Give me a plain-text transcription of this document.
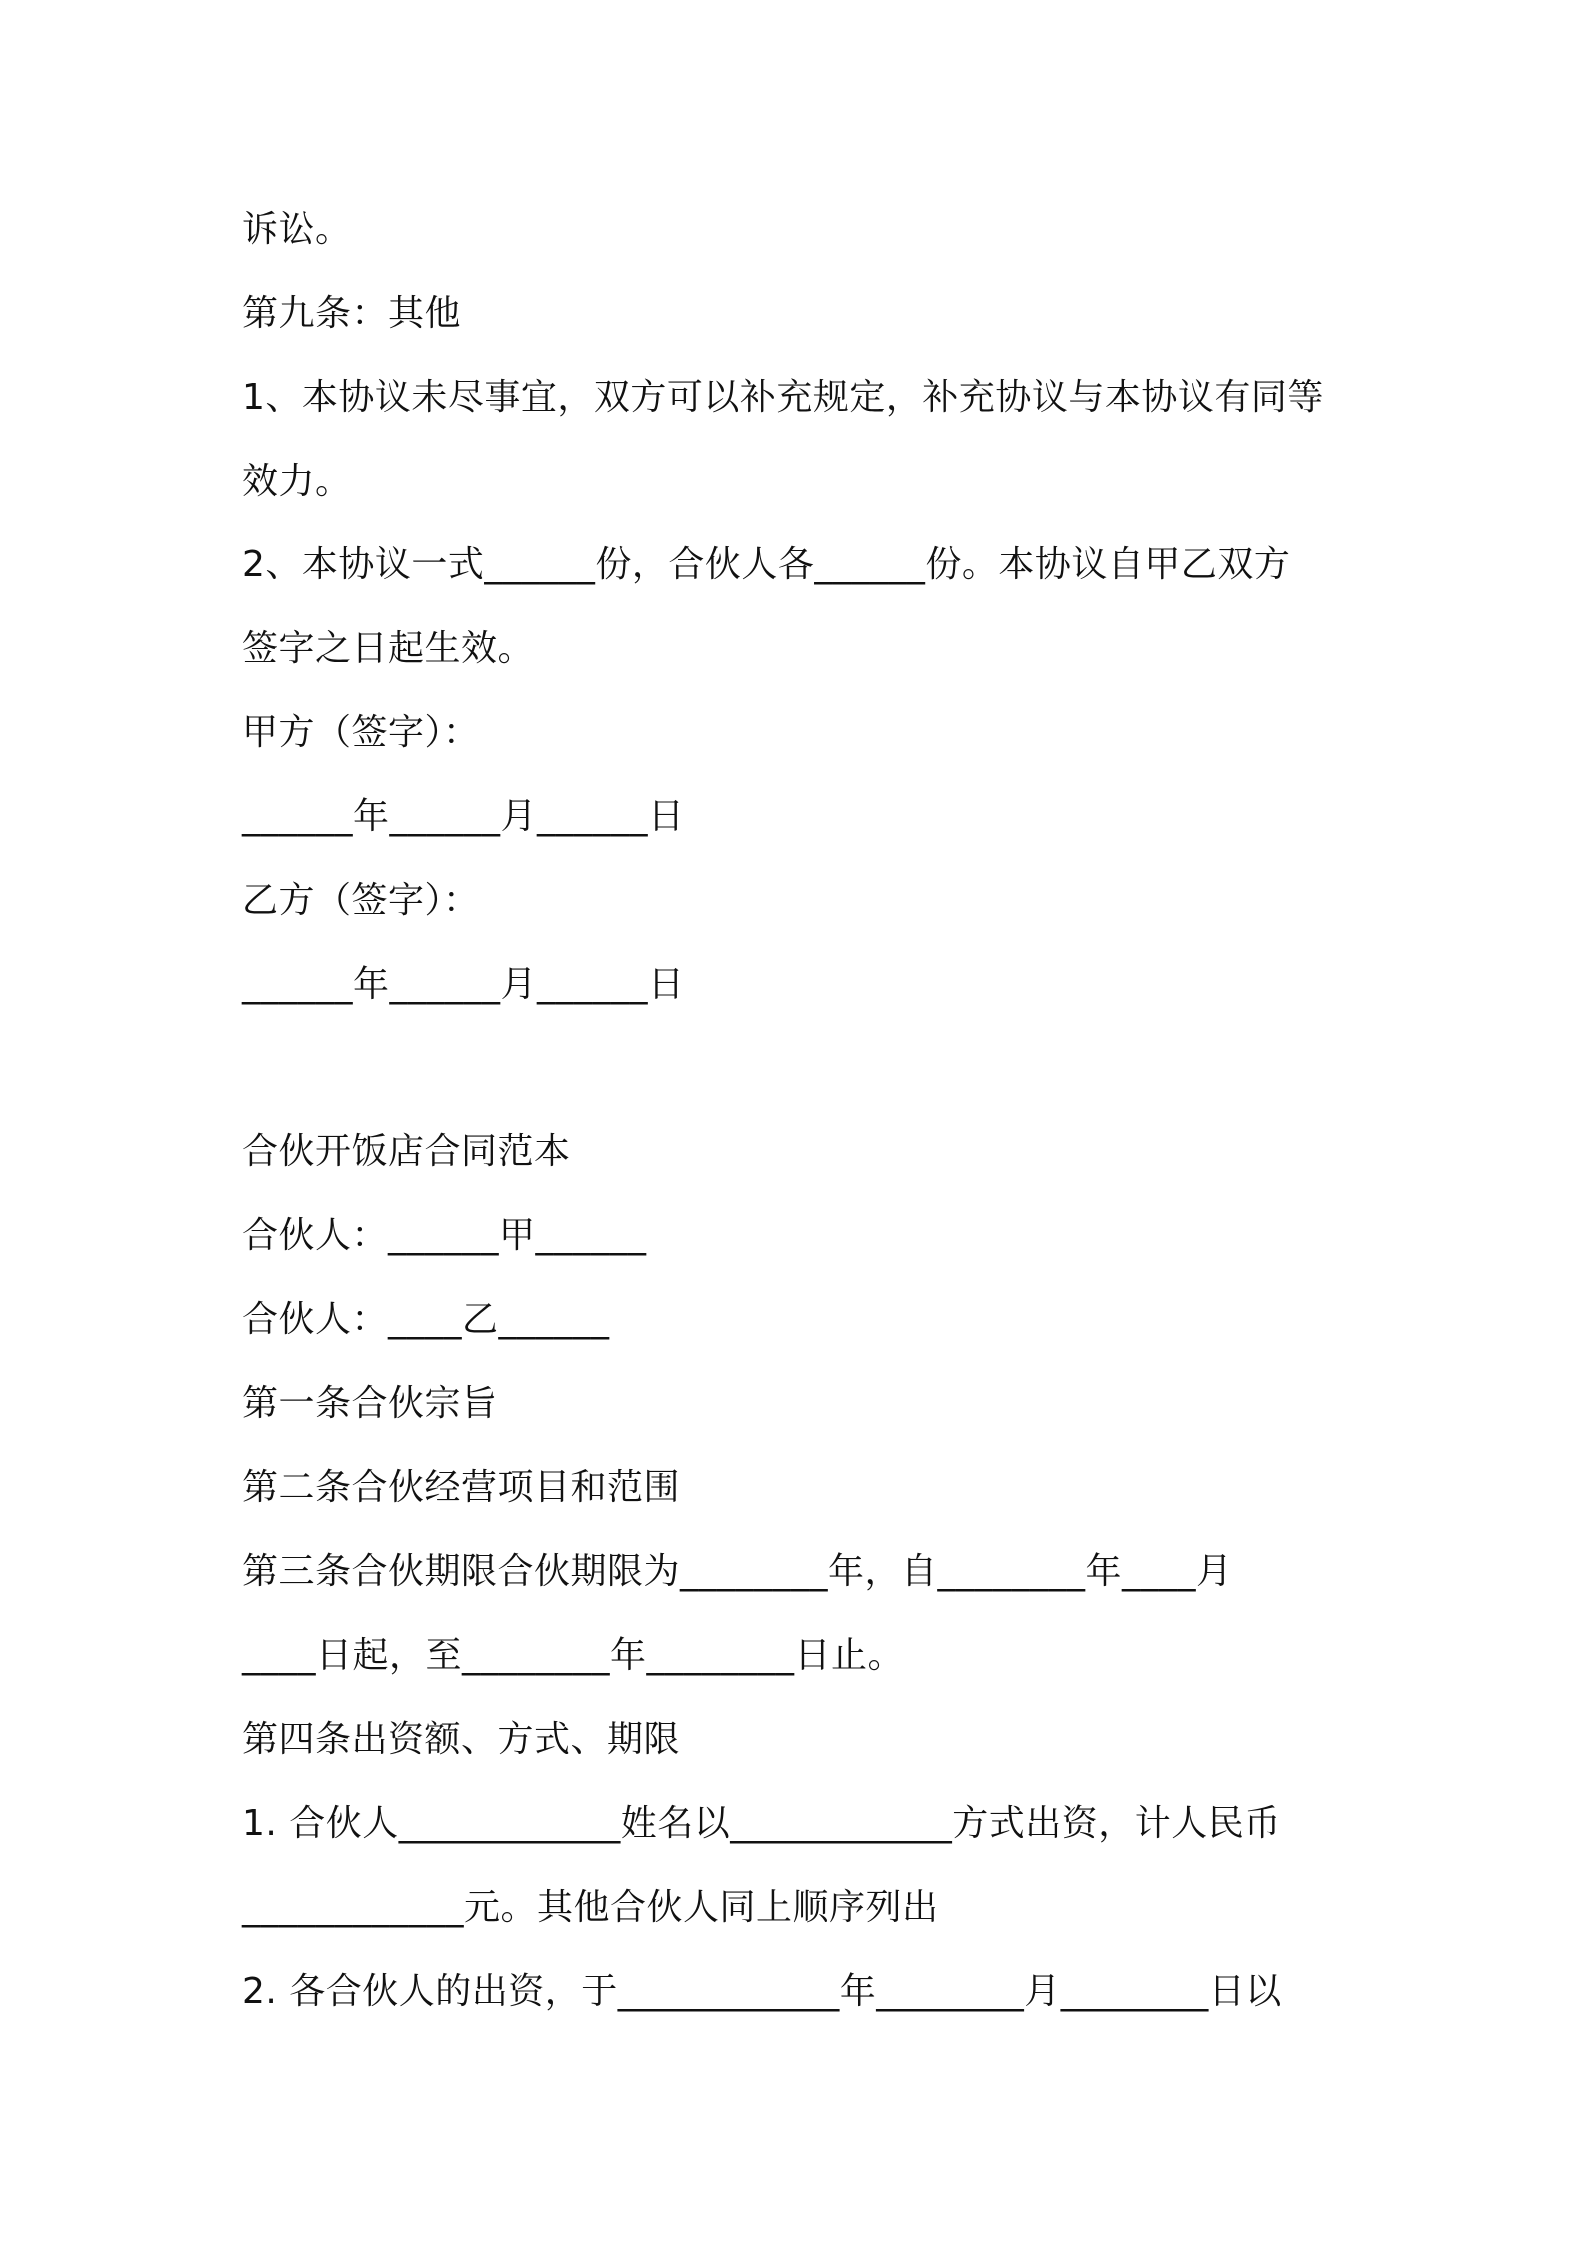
诉讼。
第九条：其他
1、本协议未尽事宜，双方可以补充规定，补充协议与本协议有同等
效力。
2、本协议一式______份，合伙人各______份。本协议自甲乙双方
签字之日起生效。
甲方（签字）：
______年______月______日
乙方（签字）：
______年______月______日
合伙开饭店合同范本
合伙人：______甲______
合伙人：____乙______
第一条合伙宗旨
第二条合伙经营项目和范围
第三条合伙期限合伙期限为________年，自________年____月
____日起，至________年________日止。
第四条出资额、方式、期限
1. 合伙人____________姓名以____________方式出资，计人民币
____________元。其他合伙人同上顺序列出
2. 各合伙人的出资，于____________年________月________日以
